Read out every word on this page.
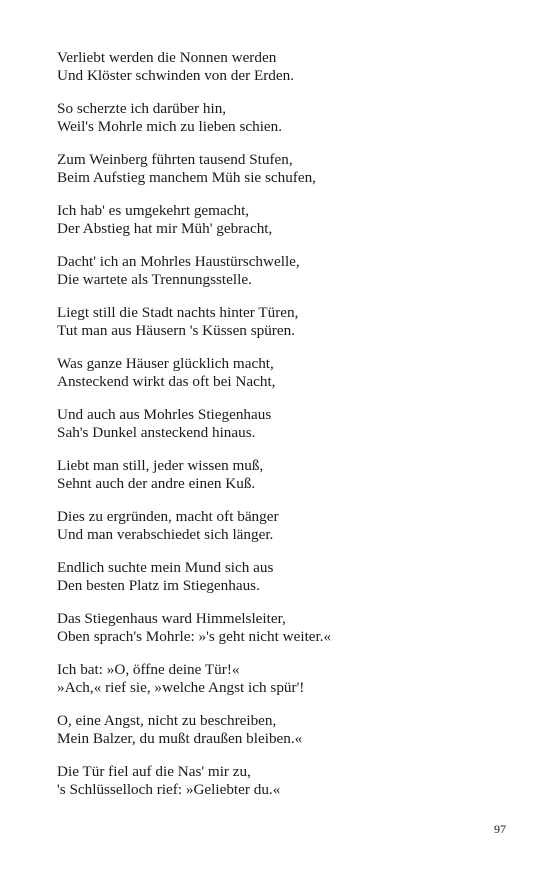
Verliebt werden die Nonnen werden
Und Klöster schwinden von der Erden.
So scherzte ich darüber hin,
Weil's Mohrle mich zu lieben schien.
Zum Weinberg führten tausend Stufen,
Beim Aufstieg manchem Müh sie schufen,
Ich hab' es umgekehrt gemacht,
Der Abstieg hat mir Müh' gebracht,
Dacht' ich an Mohrles Haustürschwelle,
Die wartete als Trennungsstelle.
Liegt still die Stadt nachts hinter Türen,
Tut man aus Häusern 's Küssen spüren.
Was ganze Häuser glücklich macht,
Ansteckend wirkt das oft bei Nacht,
Und auch aus Mohrles Stiegenhaus
Sah's Dunkel ansteckend hinaus.
Liebt man still, jeder wissen muß,
Sehnt auch der andre einen Kuß.
Dies zu ergründen, macht oft bänger
Und man verabschiedet sich länger.
Endlich suchte mein Mund sich aus
Den besten Platz im Stiegenhaus.
Das Stiegenhaus ward Himmelsleiter,
Oben sprach's Mohrle: »'s geht nicht weiter.«
Ich bat: »O, öffne deine Tür!«
»Ach,« rief sie, »welche Angst ich spür'!
O, eine Angst, nicht zu beschreiben,
Mein Balzer, du mußt draußen bleiben.«
Die Tür fiel auf die Nas' mir zu,
's Schlüsselloch rief: »Geliebter du.«
97
